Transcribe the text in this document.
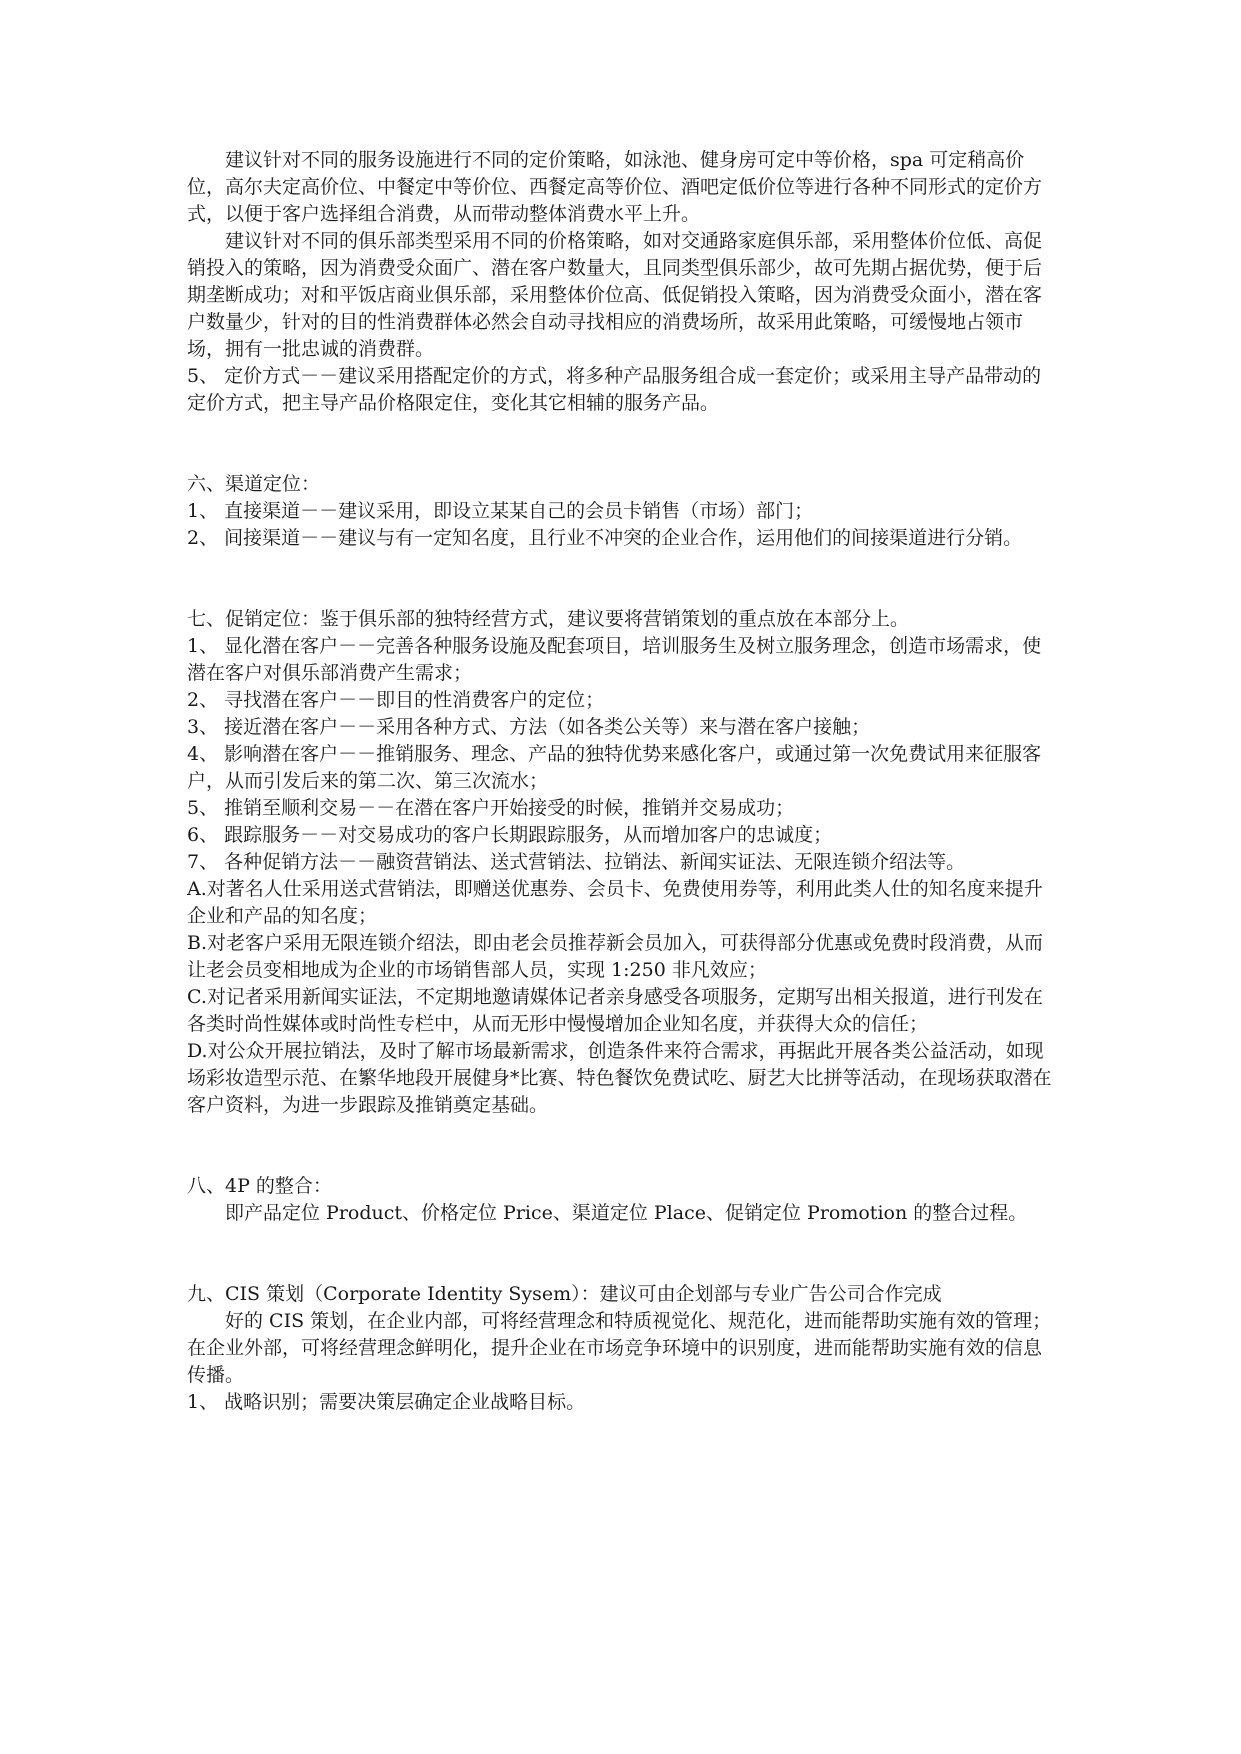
建议针对不同的服务设施进行不同的定价策略，如泳池、健身房可定中等价格，spa 可定稍高价位，高尔夫定高价位、中餐定中等价位、西餐定高等价位、酒吧定低价位等进行各种不同形式的定价方式，以便于客户选择组合消费，从而带动整体消费水平上升。

建议针对不同的俱乐部类型采用不同的价格策略，如对交通路家庭俱乐部，采用整体价位低、高促销投入的策略，因为消费受众面广、潜在客户数量大，且同类型俱乐部少，故可先期占据优势，便于后期垄断成功；对和平饭店商业俱乐部，采用整体价位高、低促销投入策略，因为消费受众面小，潜在客户数量少，针对的目的性消费群体必然会自动寻找相应的消费场所，故采用此策略，可缓慢地占领市场，拥有一批忠诚的消费群。

5、 定价方式－－建议采用搭配定价的方式，将多种产品服务组合成一套定价；或采用主导产品带动的定价方式，把主导产品价格限定住，变化其它相辅的服务产品。

六、渠道定位：

1、 直接渠道－－建议采用，即设立某某自己的会员卡销售（市场）部门；

2、 间接渠道－－建议与有一定知名度，且行业不冲突的企业合作，运用他们的间接渠道进行分销。

七、促销定位：鉴于俱乐部的独特经营方式，建议要将营销策划的重点放在本部分上。

1、 显化潜在客户－－完善各种服务设施及配套项目，培训服务生及树立服务理念，创造市场需求，使潜在客户对俱乐部消费产生需求；

2、 寻找潜在客户－－即目的性消费客户的定位；

3、 接近潜在客户－－采用各种方式、方法（如各类公关等）来与潜在客户接触；

4、 影响潜在客户－－推销服务、理念、产品的独特优势来感化客户，或通过第一次免费试用来征服客户，从而引发后来的第二次、第三次流水；

5、 推销至顺利交易－－在潜在客户开始接受的时候，推销并交易成功；

6、 跟踪服务－－对交易成功的客户长期跟踪服务，从而增加客户的忠诚度；

7、 各种促销方法－－融资营销法、送式营销法、拉销法、新闻实证法、无限连锁介绍法等。

A.对著名人仕采用送式营销法，即赠送优惠券、会员卡、免费使用券等，利用此类人仕的知名度来提升企业和产品的知名度；

B.对老客户采用无限连锁介绍法，即由老会员推荐新会员加入，可获得部分优惠或免费时段消费，从而让老会员变相地成为企业的市场销售部人员，实现 1:250 非凡效应；

C.对记者采用新闻实证法，不定期地邀请媒体记者亲身感受各项服务，定期写出相关报道，进行刊发在各类时尚性媒体或时尚性专栏中，从而无形中慢慢增加企业知名度，并获得大众的信任；

D.对公众开展拉销法，及时了解市场最新需求，创造条件来符合需求，再据此开展各类公益活动，如现场彩妆造型示范、在繁华地段开展健身*比赛、特色餐饮免费试吃、厨艺大比拼等活动，在现场获取潜在客户资料，为进一步跟踪及推销奠定基础。

八、4P 的整合：

即产品定位 Product、价格定位 Price、渠道定位 Place、促销定位 Promotion 的整合过程。

九、CIS 策划（Corporate Identity Sysem）：建议可由企划部与专业广告公司合作完成

好的 CIS 策划，在企业内部，可将经营理念和特质视觉化、规范化，进而能帮助实施有效的管理；在企业外部，可将经营理念鲜明化，提升企业在市场竞争环境中的识别度，进而能帮助实施有效的信息传播。

1、 战略识别；需要决策层确定企业战略目标。
